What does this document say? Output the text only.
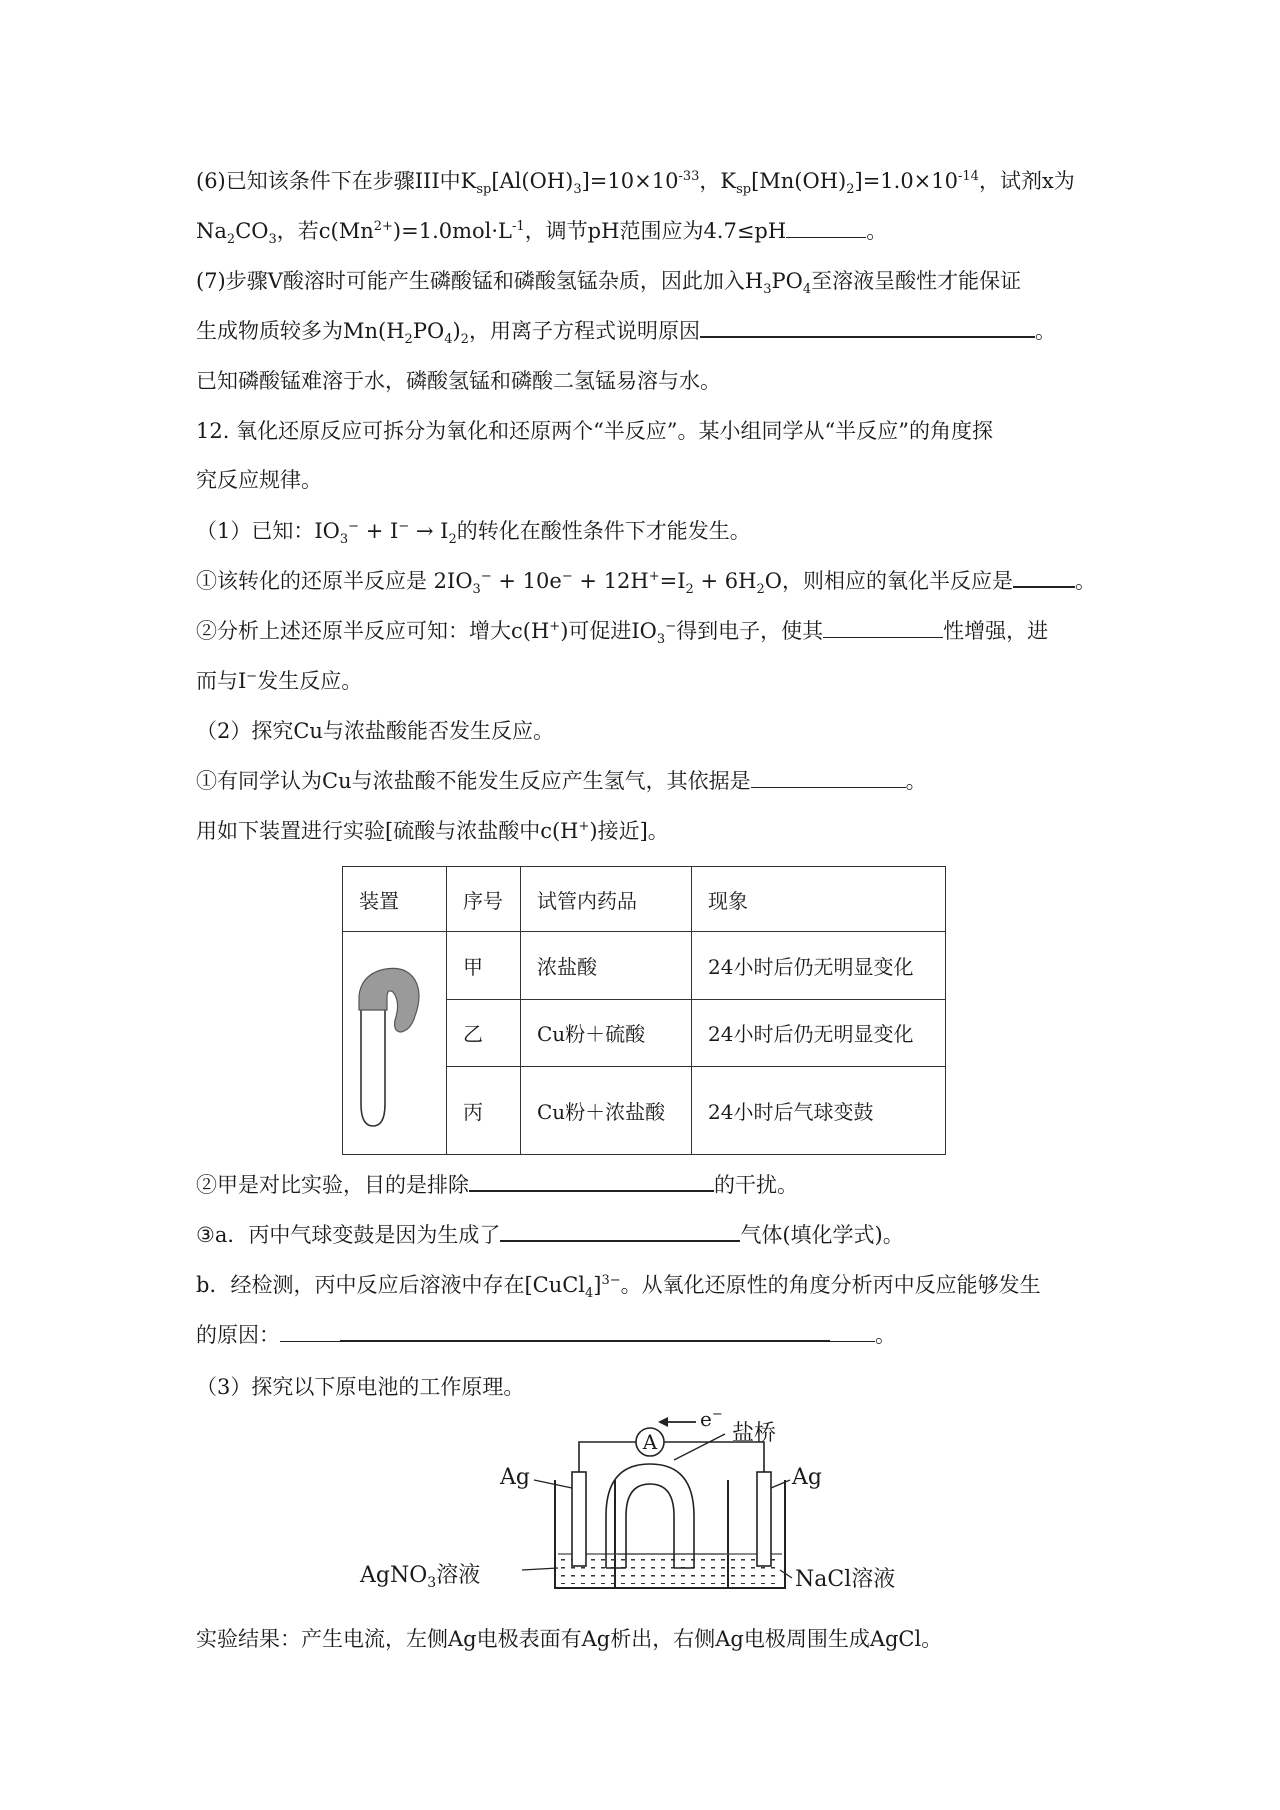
(6)已知该条件下在步骤III中$K_{sp}[Al(OH)_3]=10\times 10^{-33}$，$K_{sp}[Mn(OH)_2]=1.0\times 10^{-14}$，试剂x为
$Na_2CO_3$，若$c(Mn^{2+})=1.0mol\cdot L^{-1}$，调节pH范围应为4.7≤pH	。
(7)步骤V酸溶时可能产生磷酸锰和磷酸氢锰杂质，因此加入$H_3PO_4$至溶液呈酸性才能保证
生成物质较多为$Mn(H_2PO_4)_2$，用离子方程式说明原因	。
已知磷酸锰难溶于水，磷酸氢锰和磷酸二氢锰易溶与水。
12. 氧化还原反应可拆分为氧化和还原两个“半反应”。某小组同学从“半反应”的角度探
究反应规律。
（1）已知：$IO_3^- + I^- \to I_2$的转化在酸性条件下才能发生。
①该转化的还原半反应是 $2IO_3^- + 10e^- + 12H^+=I_2 + 6H_2O$，则相应的氧化半反应是	。
②分析上述还原半反应可知：增大c(H+)可促进$IO_3^-$得到电子，使其	性增强，进
而与I−发生反应。
（2）探究Cu与浓盐酸能否发生反应。
①有同学认为Cu与浓盐酸不能发生反应产生氢气，其依据是	。
用如下装置进行实验[硫酸与浓盐酸中c(H+)接近]。
装置	序号	试管内药品	现象

	甲	浓盐酸	24小时后仍无明显变化
	乙	Cu粉＋硫酸	24小时后仍无明显变化
	丙	Cu粉＋浓盐酸	24小时后气球变鼓
②甲是对比实验，目的是排除	的干扰。
③a．丙中气球变鼓是因为生成了	气体(填化学式)。
b．经检测，丙中反应后溶液中存在[CuCl$_4$]$^{3-}$。从氧化还原性的角度分析丙中反应能够发生
的原因：	。
（3）探究以下原电池的工作原理。
A
e−
盐桥
Ag	Ag
AgNO$_3$溶液	NaCl溶液
实验结果：产生电流，左侧Ag电极表面有Ag析出，右侧Ag电极周围生成AgCl。
